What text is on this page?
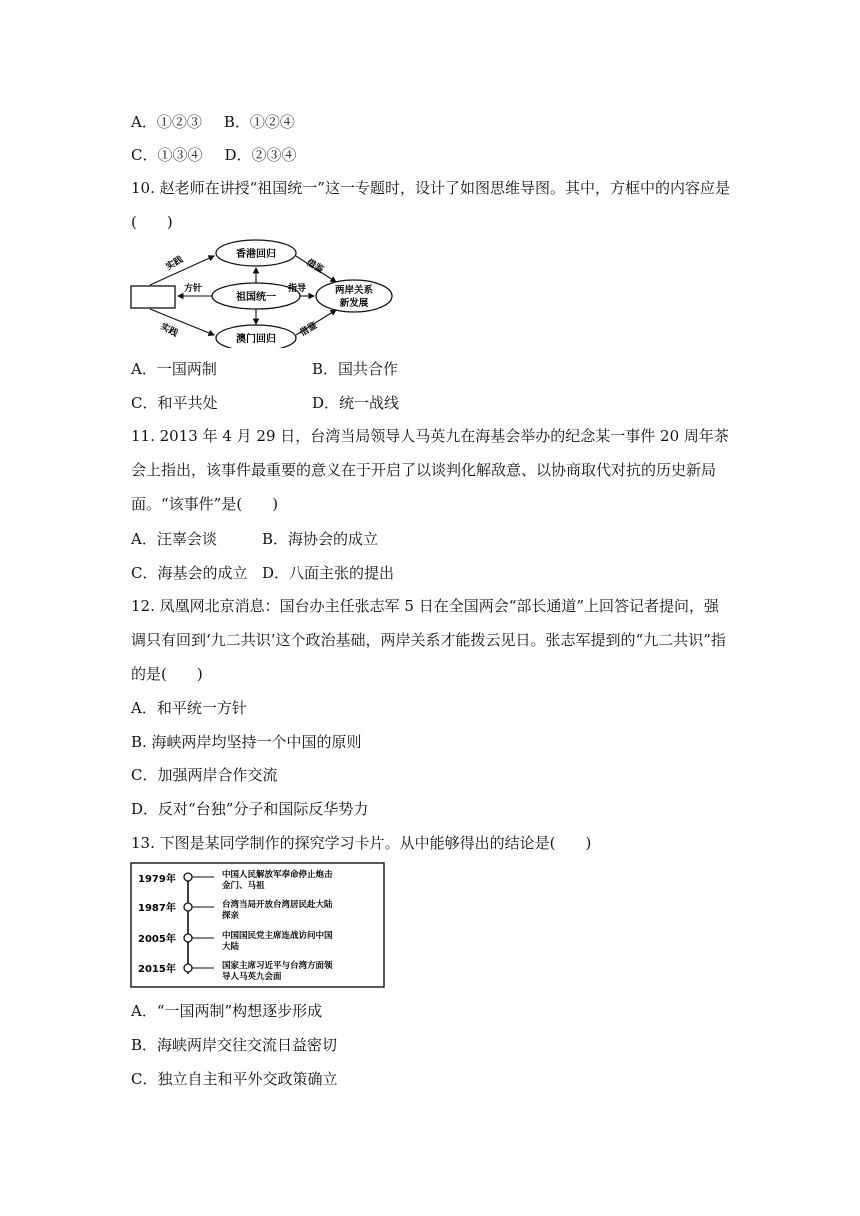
A．①②③ B．①②④
C．①③④ D．②③④
10. 赵老师在讲授“祖国统一”这一专题时，设计了如图思维导图。其中，方框中的内容应是(　　)
香港回归
祖国统一
澳门回归
两岸关系
新发展
实践
实践
方针	指导
借鉴
借鉴
A．一国两制	B．国共合作
C．和平共处	D．统一战线
11. 2013 年 4 月 29 日，台湾当局领导人马英九在海基会举办的纪念某一事件 20 周年茶会上指出，该事件最重要的意义在于开启了以谈判化解敌意、以协商取代对抗的历史新局面。“该事件”是(　　)
A．汪辜会谈	B．海协会的成立
C．海基会的成立 D．八面主张的提出
12. 凤凰网北京消息：国台办主任张志军 5 日在全国两会“部长通道”上回答记者提问，强调只有回到‘九二共识’这个政治基础，两岸关系才能拨云见日。张志军提到的“九二共识”指的是(　　)
A．和平统一方针
B. 海峡两岸均坚持一个中国的原则
C．加强两岸合作交流
D．反对“台独”分子和国际反华势力
13. 下图是某同学制作的探究学习卡片。从中能够得出的结论是(　　)
1979年	中国人民解放军奉命停止炮击
金门、马祖
1987年	台湾当局开放台湾居民赴大陆
探亲
2005年	中国国民党主席连战访问中国
大陆
2015年	国家主席习近平与台湾方面领
导人马英九会面
A．“一国两制”构想逐步形成
B．海峡两岸交往交流日益密切
C．独立自主和平外交政策确立
